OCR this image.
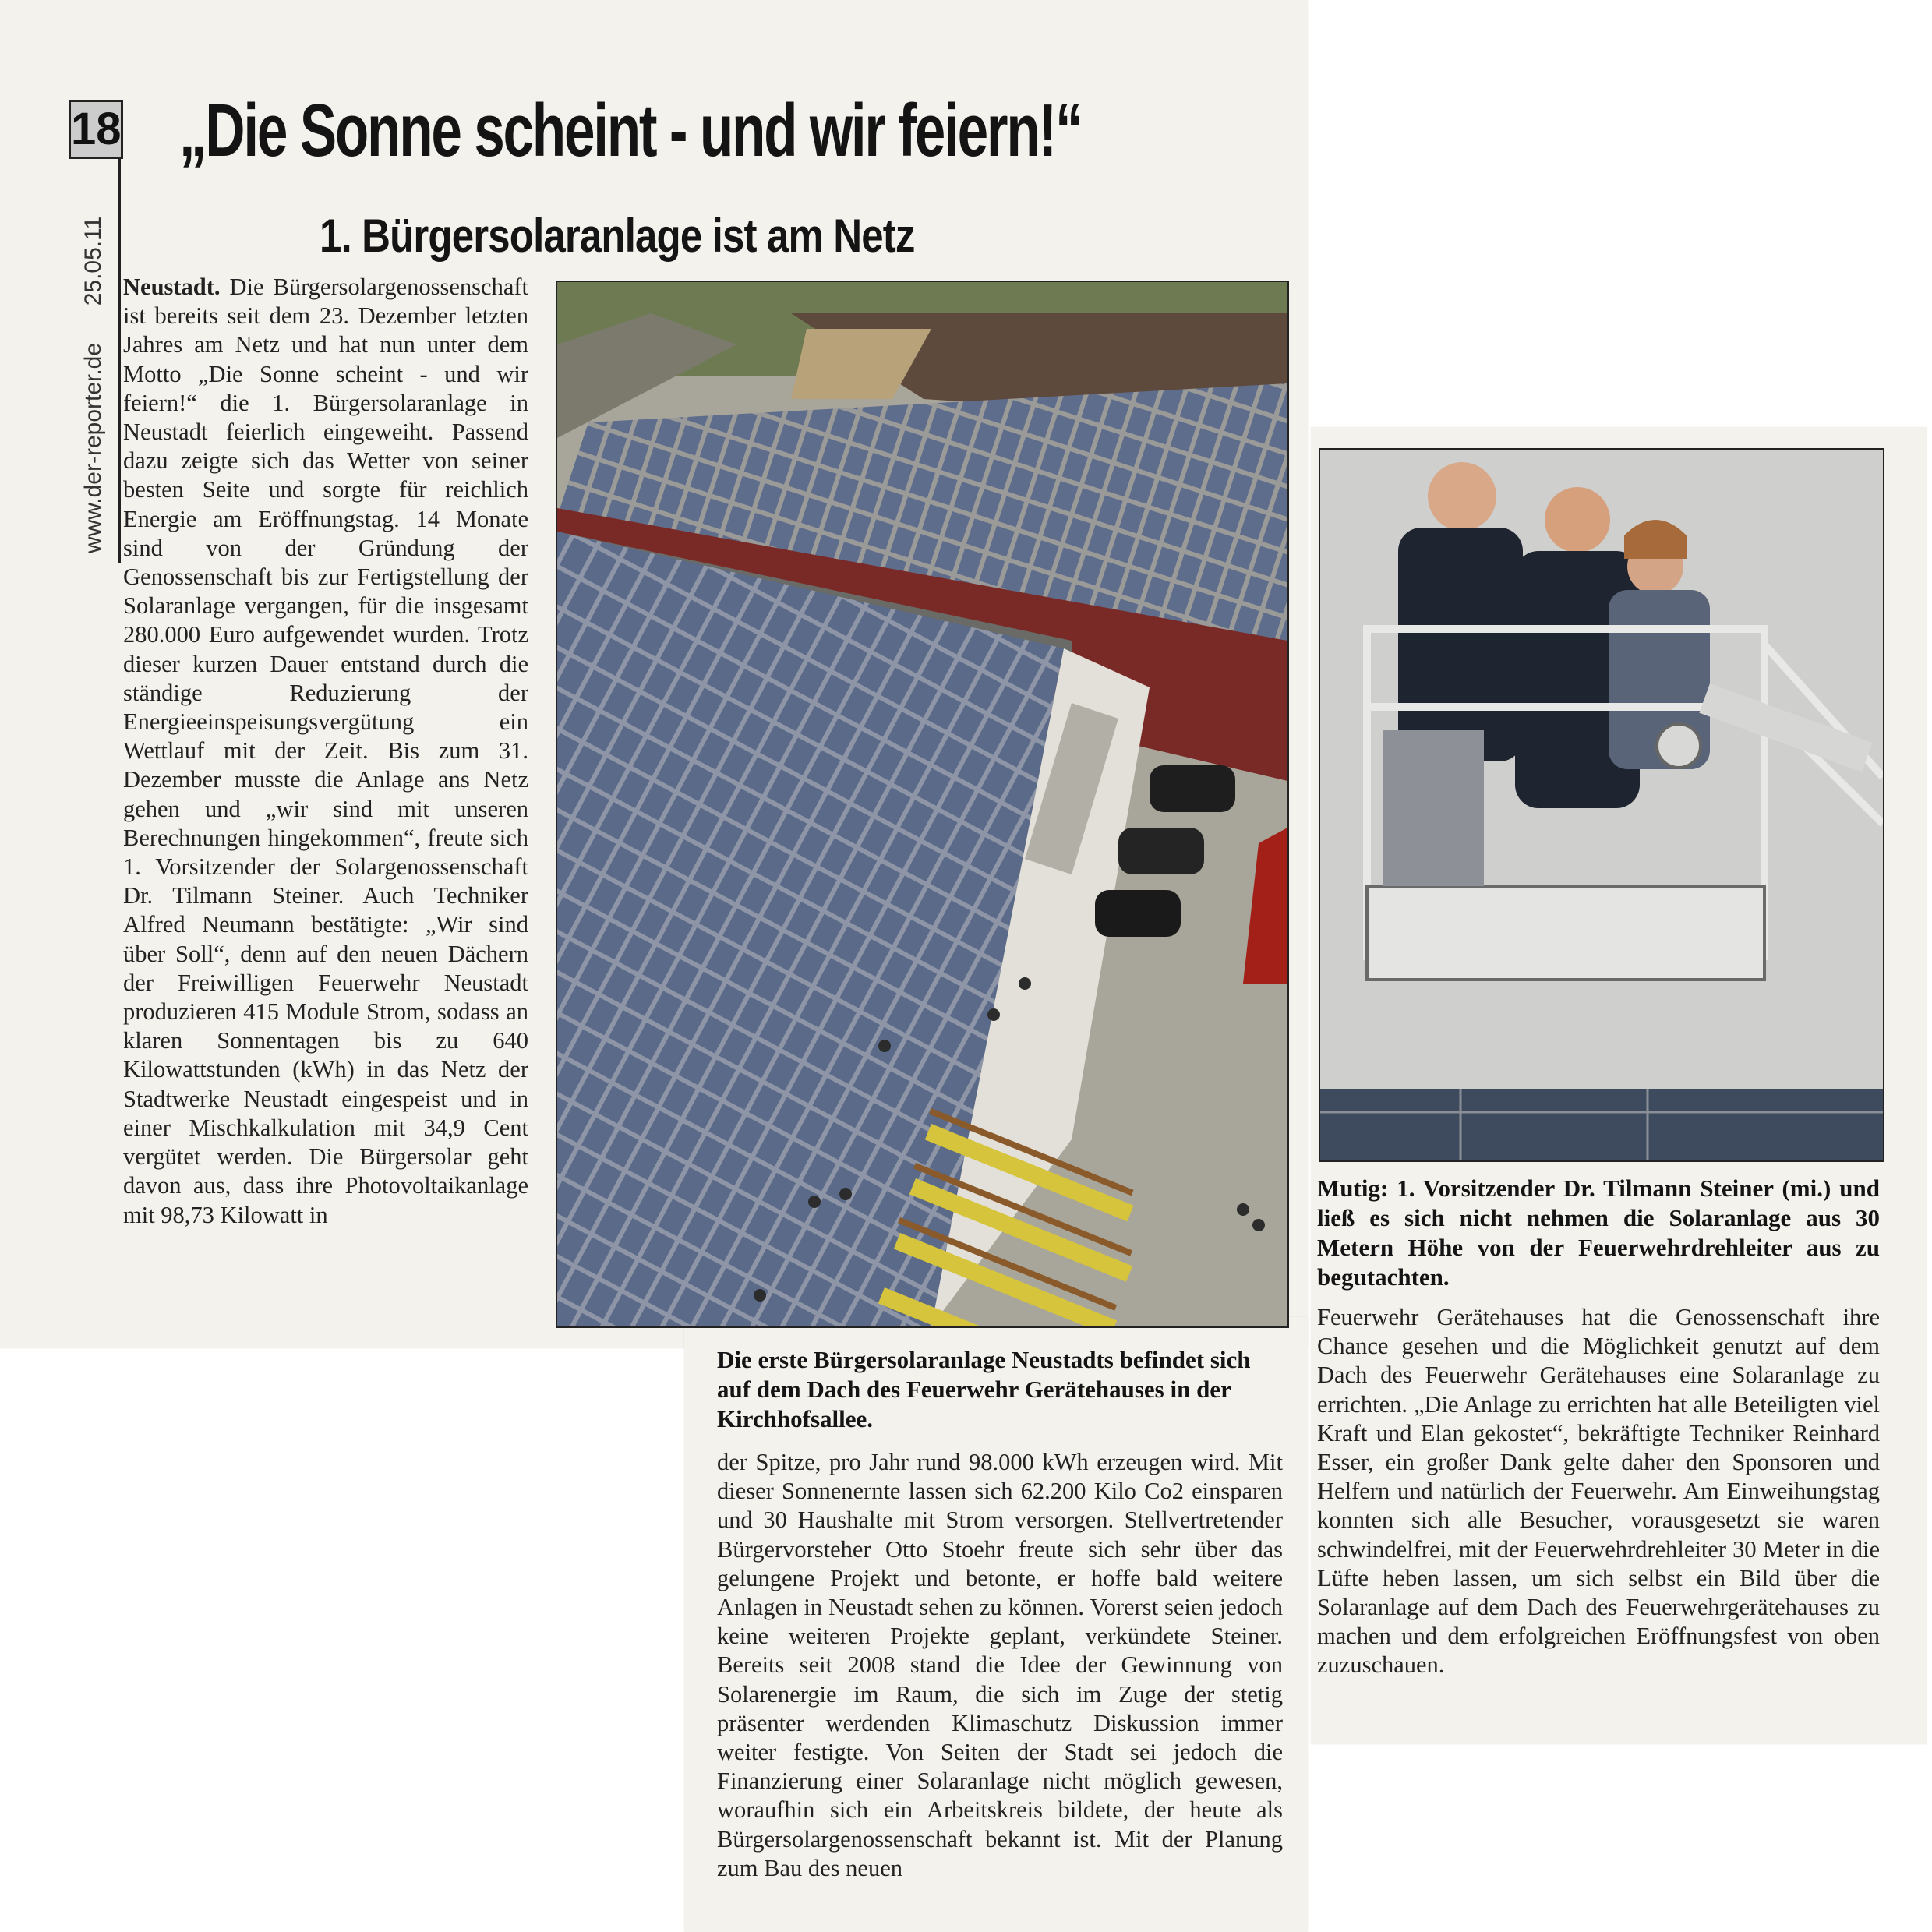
18
www.der-reporter.de
25.05.11
„Die Sonne scheint - und wir feiern!“
1. Bürgersolaranlage ist am Netz
Neustadt. Die Bürgersolargenossenschaft ist bereits seit dem 23. Dezember letzten Jahres am Netz und hat nun unter dem Motto „Die Sonne scheint - und wir feiern!“ die 1. Bürgersolaranlage in Neustadt feierlich eingeweiht. Passend dazu zeigte sich das Wetter von seiner besten Seite und sorgte für reichlich Energie am Eröffnungstag. 14 Monate sind von der Gründung der Genossenschaft bis zur Fertigstellung der Solaranlage vergangen, für die insgesamt 280.000 Euro aufgewendet wurden. Trotz dieser kurzen Dauer entstand durch die ständige Reduzierung der Energieeinspeisungsvergütung ein Wettlauf mit der Zeit. Bis zum 31. Dezember musste die Anlage ans Netz gehen und „wir sind mit unseren Berechnungen hingekommen“, freute sich 1. Vorsitzender der Solargenossenschaft Dr. Tilmann Steiner. Auch Techniker Alfred Neumann bestätigte: „Wir sind über Soll“, denn auf den neuen Dächern der Freiwilligen Feuerwehr Neustadt produzieren 415 Module Strom, sodass an klaren Sonnentagen bis zu 640 Kilowattstunden (kWh) in das Netz der Stadtwerke Neustadt eingespeist und in einer Mischkalkulation mit 34,9 Cent vergütet werden. Die Bürgersolar geht davon aus, dass ihre Photovoltaikanlage mit 98,73 Kilowatt in
Die erste Bürgersolaranlage Neustadts befindet sich auf dem Dach des Feuerwehr Gerätehauses in der Kirchhofsallee.
der Spitze, pro Jahr rund 98.000 kWh erzeugen wird. Mit dieser Sonnenernte lassen sich 62.200 Kilo Co2 einsparen und 30 Haushalte mit Strom versorgen. Stellvertretender Bürgervorsteher Otto Stoehr freute sich sehr über das gelungene Projekt und betonte, er hoffe bald weitere Anlagen in Neustadt sehen zu können. Vorerst seien jedoch keine weiteren Projekte geplant, verkündete Steiner. Bereits seit 2008 stand die Idee der Gewinnung von Solarenergie im Raum, die sich im Zuge der stetig präsenter werdenden Klimaschutz Diskussion immer weiter festigte. Von Seiten der Stadt sei jedoch die Finanzierung einer Solaranlage nicht möglich gewesen, woraufhin sich ein Arbeitskreis bildete, der heute als Bürgersolargenossenschaft bekannt ist. Mit der Planung zum Bau des neuen
Mutig: 1. Vorsitzender Dr. Tilmann Steiner (mi.) und ließ es sich nicht nehmen die Solaranlage aus 30 Metern Höhe von der Feuerwehrdrehleiter aus zu begutachten.
Feuerwehr Gerätehauses hat die Genossenschaft ihre Chance gesehen und die Möglichkeit genutzt auf dem Dach des Feuerwehr Gerätehauses eine Solaranlage zu errichten. „Die Anlage zu errichten hat alle Beteiligten viel Kraft und Elan gekostet“, bekräftigte Techniker Reinhard Esser, ein großer Dank gelte daher den Sponsoren und Helfern und natürlich der Feuerwehr. Am Einweihungstag konnten sich alle Besucher, vorausgesetzt sie waren schwindelfrei, mit der Feuerwehrdrehleiter 30 Meter in die Lüfte heben lassen, um sich selbst ein Bild über die Solaranlage auf dem Dach des Feuerwehrgerätehauses zu machen und dem erfolgreichen Eröffnungsfest von oben zuzuschauen.
